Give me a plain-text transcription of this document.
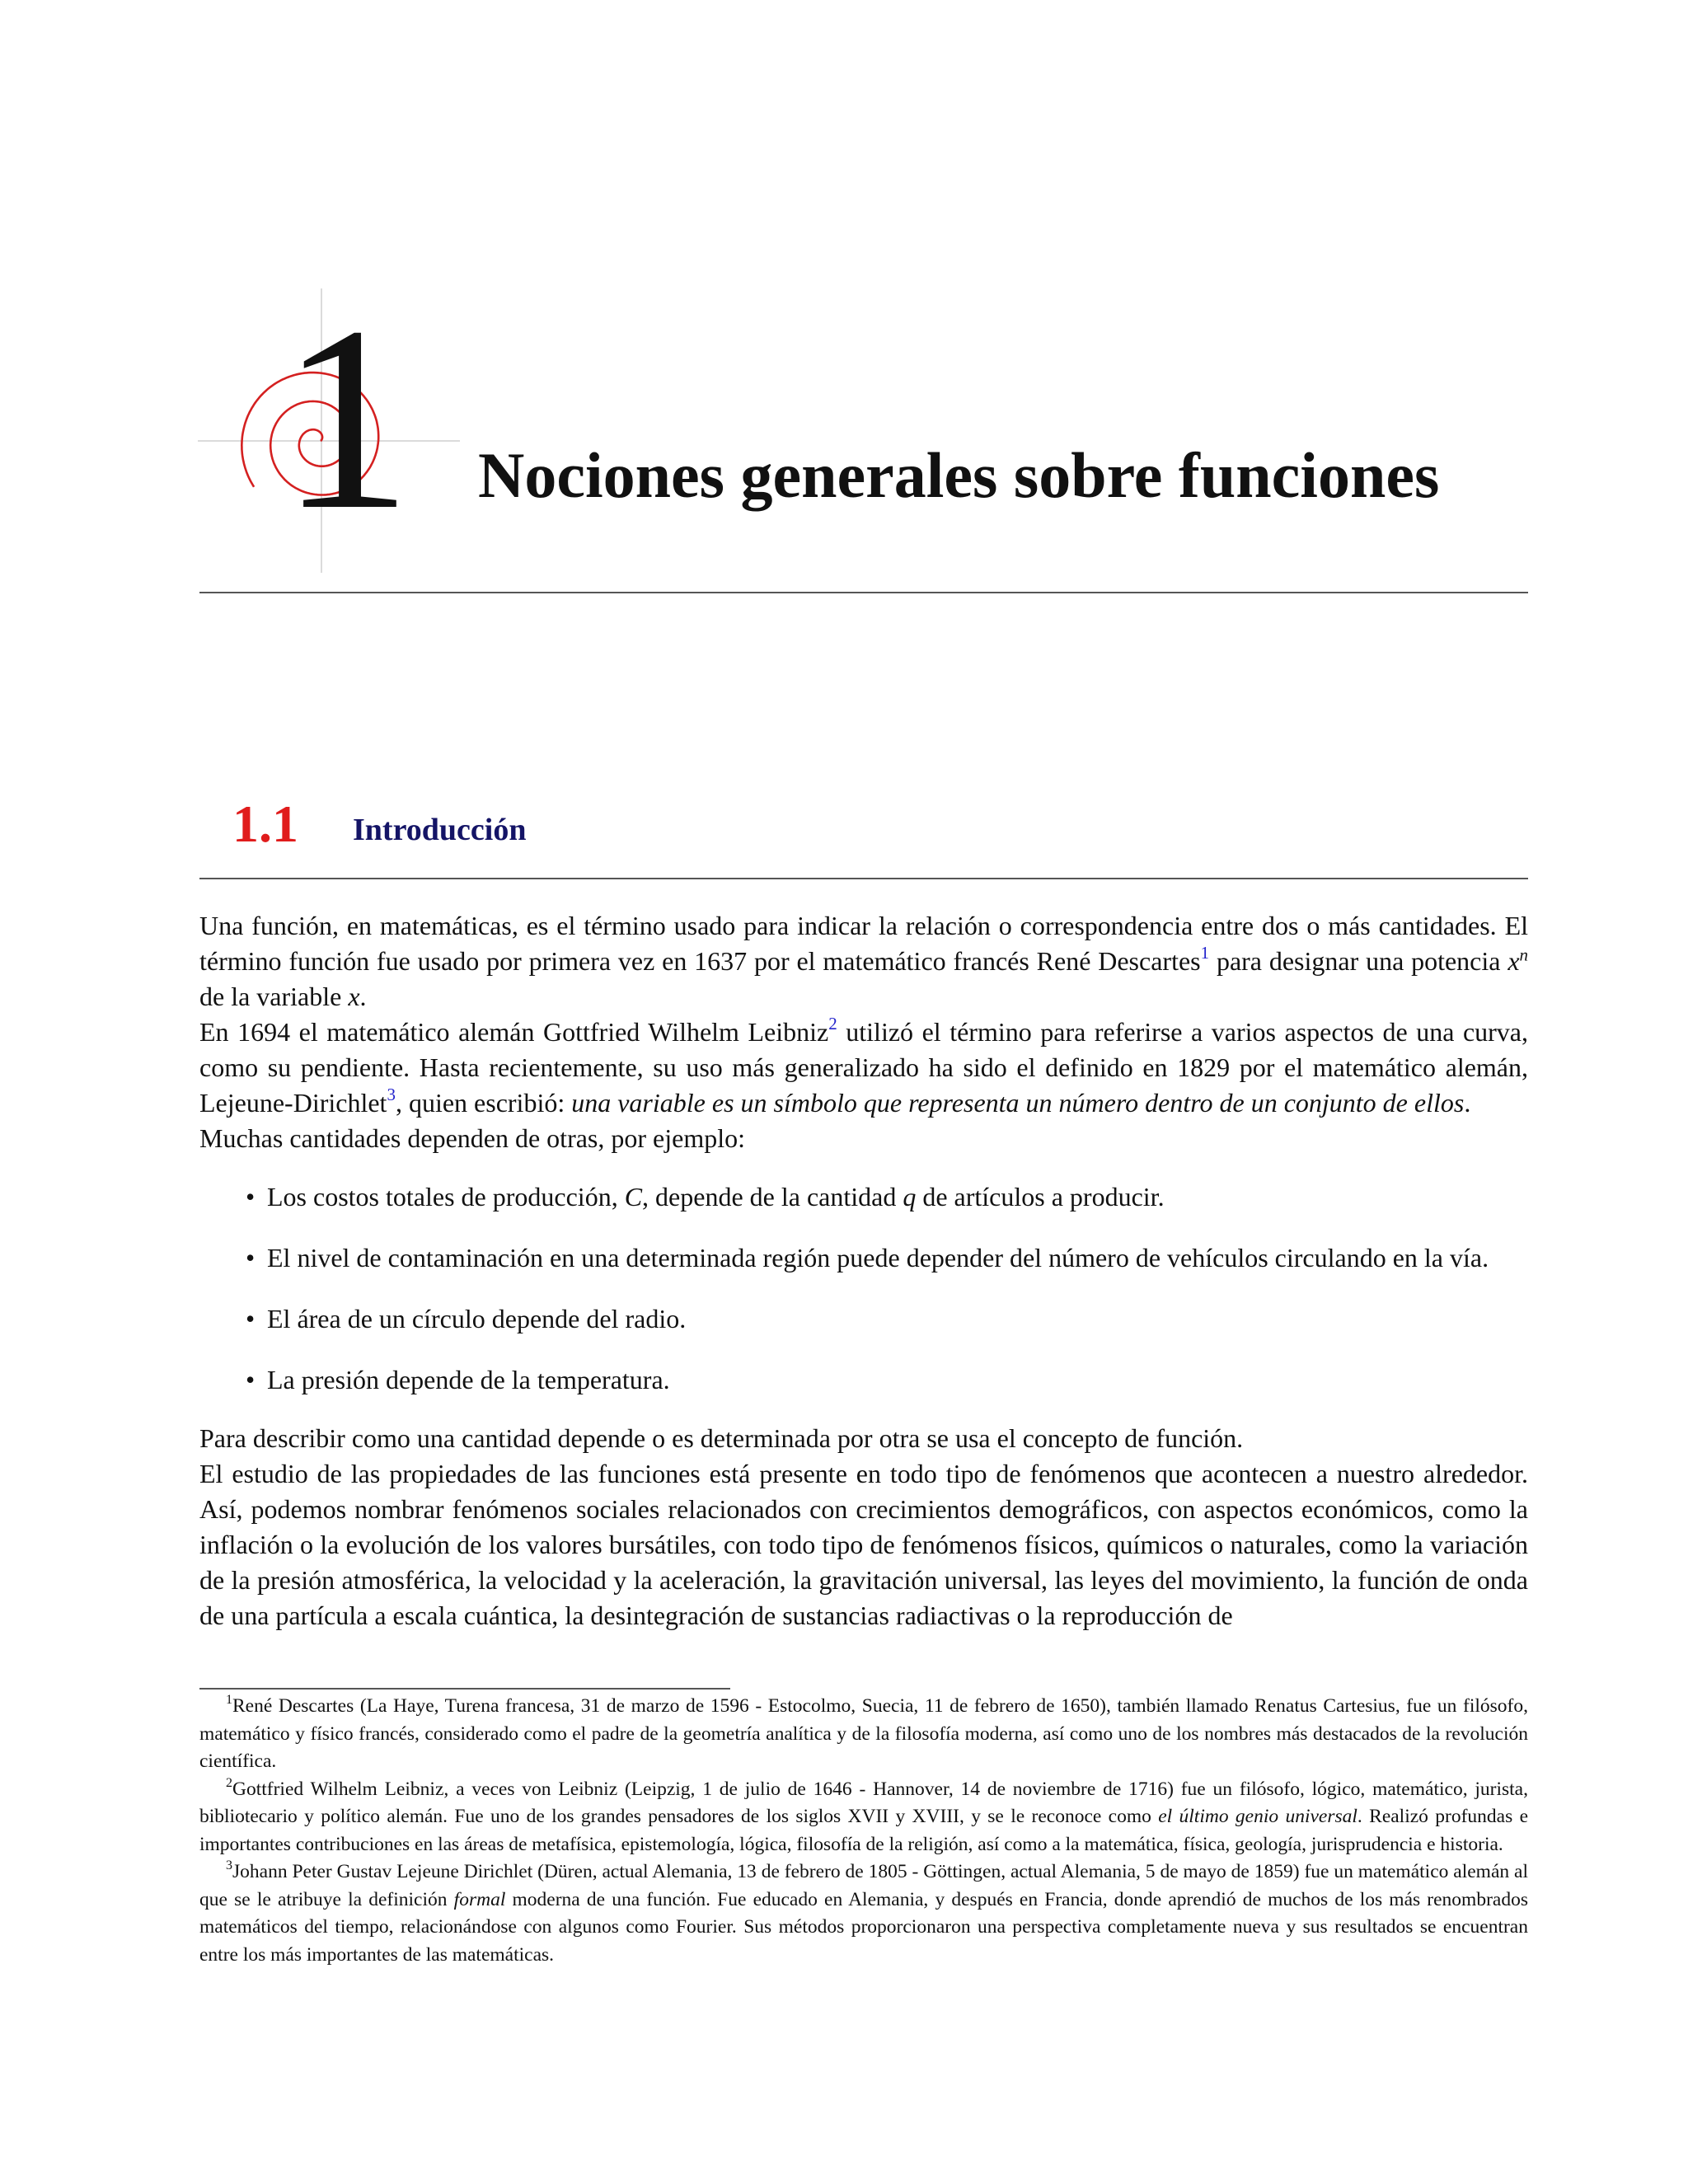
1 Nociones generales sobre funciones
1.1 Introducción

Una función, en matemáticas, es el término usado para indicar la relación o correspondencia entre dos o más cantidades. El término función fue usado por primera vez en 1637 por el matemático francés René Descartes$^1$ para designar una potencia $x^n$ de la variable x.

En 1694 el matemático alemán Gottfried Wilhelm Leibniz$^2$ utilizó el término para referirse a varios aspectos de una curva, como su pendiente. Hasta recientemente, su uso más generalizado ha sido el definido en 1829 por el matemático alemán, Lejeune-Dirichlet$^3$, quien escribió: una variable es un símbolo que representa un número dentro de un conjunto de ellos.

Muchas cantidades dependen de otras, por ejemplo:

• Los costos totales de producción, C, depende de la cantidad q de artículos a producir.
• El nivel de contaminación en una determinada región puede depender del número de vehículos circulando en la vía.
• El área de un círculo depende del radio.
• La presión depende de la temperatura.

Para describir como una cantidad depende o es determinada por otra se usa el concepto de función.

El estudio de las propiedades de las funciones está presente en todo tipo de fenómenos que acontecen a nuestro alrededor. Así, podemos nombrar fenómenos sociales relacionados con crecimientos demográficos, con aspectos económicos, como la inflación o la evolución de los valores bursátiles, con todo tipo de fenómenos físicos, químicos o naturales, como la variación de la presión atmosférica, la velocidad y la aceleración, la gravitación universal, las leyes del movimiento, la función de onda de una partícula a escala cuántica, la desintegración de sustancias radiactivas o la reproducción de

$^1$René Descartes (La Haye, Turena francesa, 31 de marzo de 1596 - Estocolmo, Suecia, 11 de febrero de 1650), también llamado Renatus Cartesius, fue un filósofo, matemático y físico francés, considerado como el padre de la geometría analítica y de la filosofía moderna, así como uno de los nombres más destacados de la revolución científica.

$^2$Gottfried Wilhelm Leibniz, a veces von Leibniz (Leipzig, 1 de julio de 1646 - Hannover, 14 de noviembre de 1716) fue un filósofo, lógico, matemático, jurista, bibliotecario y político alemán. Fue uno de los grandes pensadores de los siglos XVII y XVIII, y se le reconoce como el último genio universal. Realizó profundas e importantes contribuciones en las áreas de metafísica, epistemología, lógica, filosofía de la religión, así como a la matemática, física, geología, jurisprudencia e historia.

$^3$Johann Peter Gustav Lejeune Dirichlet (Düren, actual Alemania, 13 de febrero de 1805 - Göttingen, actual Alemania, 5 de mayo de 1859) fue un matemático alemán al que se le atribuye la definición formal moderna de una función. Fue educado en Alemania, y después en Francia, donde aprendió de muchos de los más renombrados matemáticos del tiempo, relacionándose con algunos como Fourier. Sus métodos proporcionaron una perspectiva completamente nueva y sus resultados se encuentran entre los más importantes de las matemáticas.
